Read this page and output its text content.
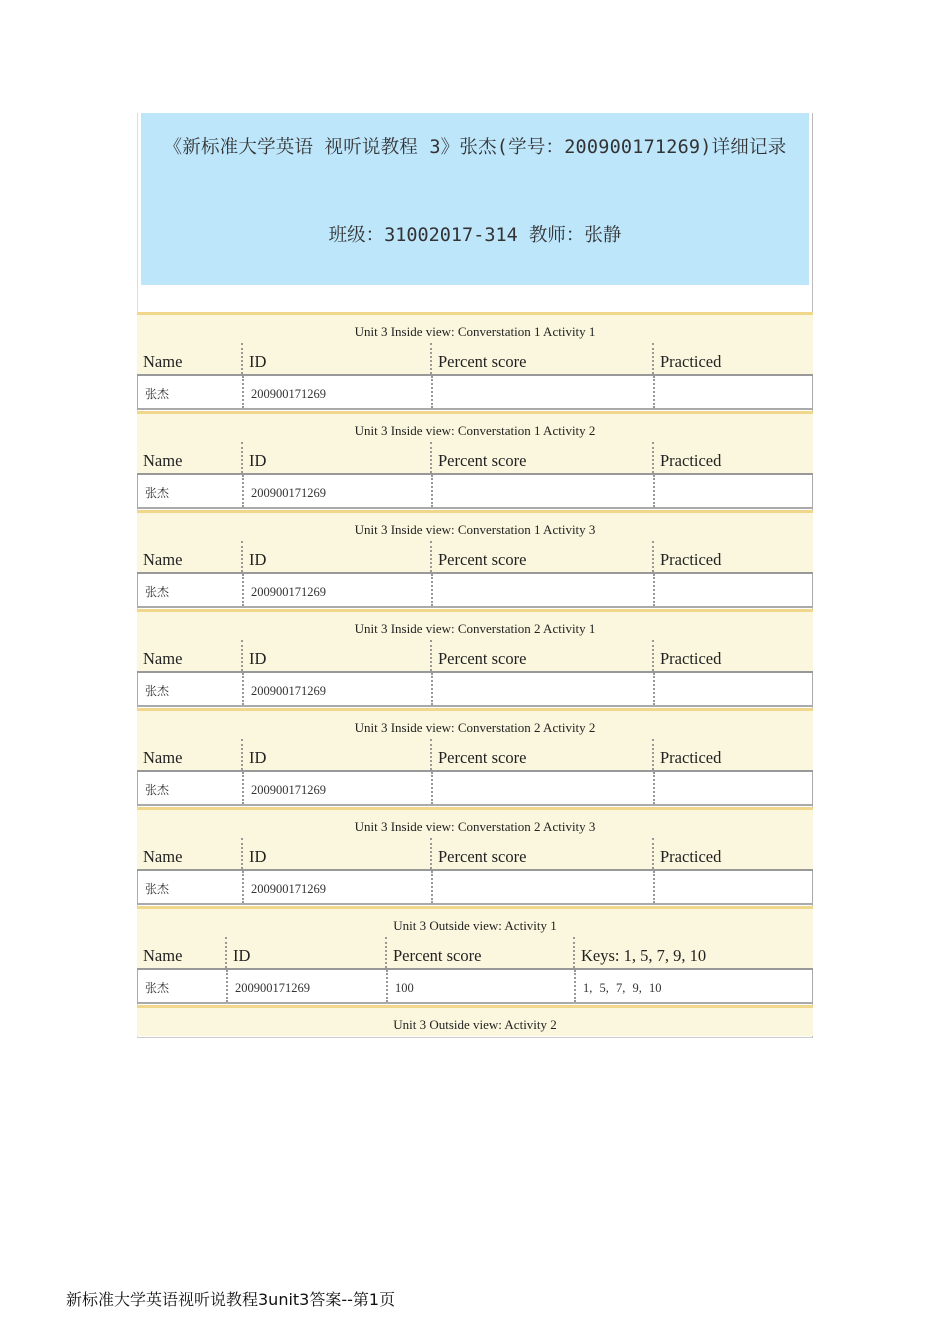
《新标准大学英语 视听说教程 3》张杰(学号：200900171269)详细记录
班级：31002017-314 教师：张静
Unit 3 Inside view: Converstation 1 Activity 1
Name	ID	Percent score	Practiced
张杰	200900171269
Unit 3 Inside view: Converstation 1 Activity 2
Name	ID	Percent score	Practiced
张杰	200900171269
Unit 3 Inside view: Converstation 1 Activity 3
Name	ID	Percent score	Practiced
张杰	200900171269
Unit 3 Inside view: Converstation 2 Activity 1
Name	ID	Percent score	Practiced
张杰	200900171269
Unit 3 Inside view: Converstation 2 Activity 2
Name	ID	Percent score	Practiced
张杰	200900171269
Unit 3 Inside view: Converstation 2 Activity 3
Name	ID	Percent score	Practiced
张杰	200900171269
Unit 3 Outside view: Activity 1
Name	ID	Percent score	Keys: 1, 5, 7, 9, 10
张杰	200900171269	100	1, 5, 7, 9, 10
Unit 3 Outside view: Activity 2
新标准大学英语视听说教程3unit3答案--第1页
